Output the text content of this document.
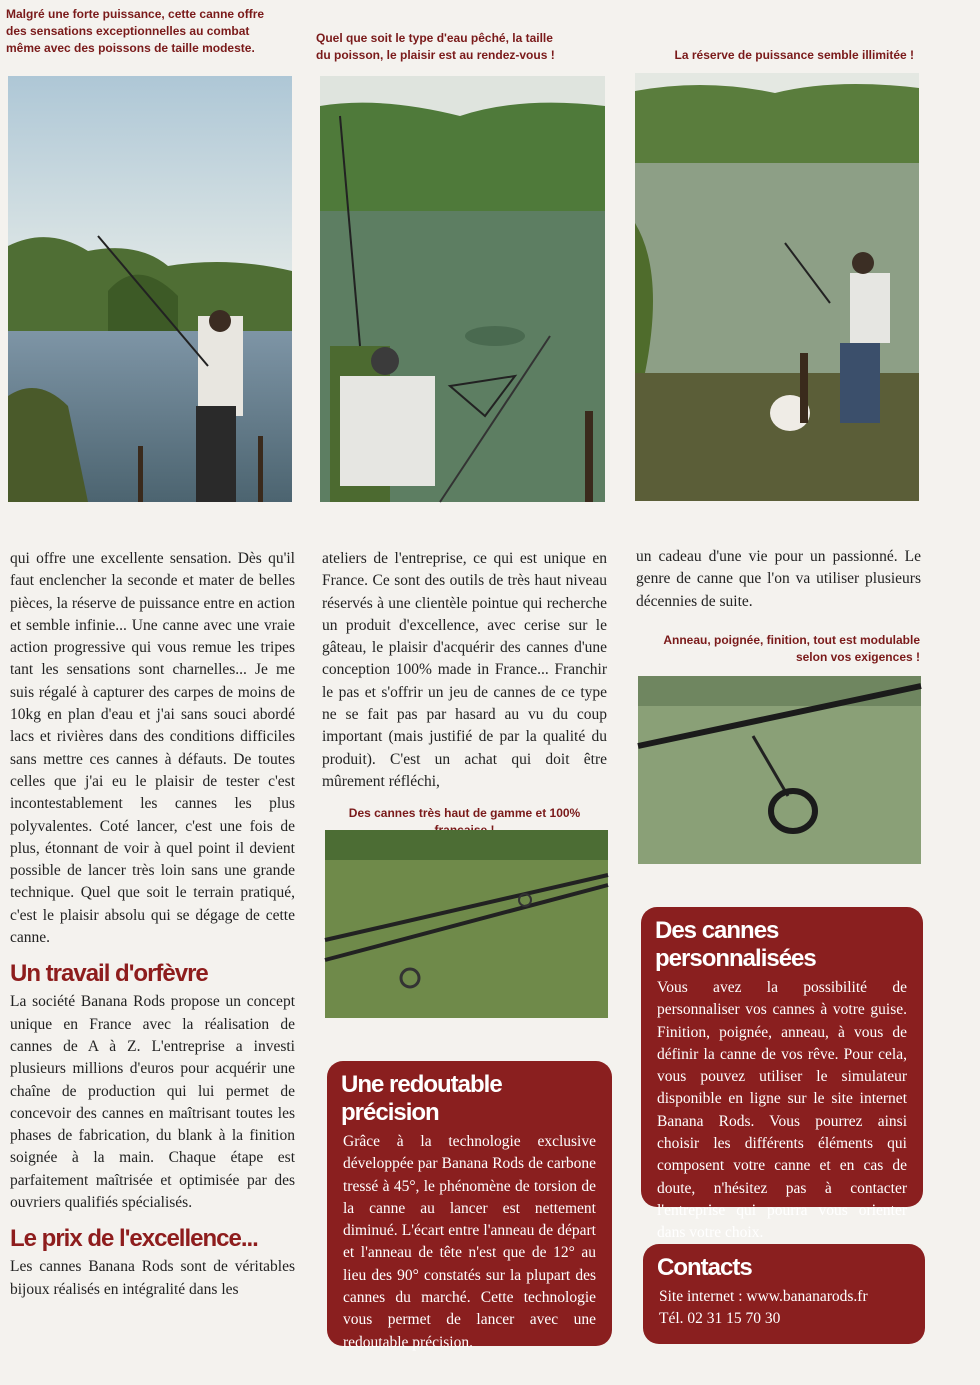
Malgré une forte puissance, cette canne offre des sensations exceptionnelles au combat même avec des poissons de taille modeste.
Quel que soit le type d'eau pêché, la taille du poisson, le plaisir est au rendez-vous !	La réserve de puissance semble illimitée !

qui offre une excellente sensation. Dès qu'il faut enclencher la seconde et mater de belles pièces, la réserve de puissance entre en action et semble infinie... Une canne avec une vraie action progressive qui vous remue les tripes tant les sensations sont charnelles... Je me suis régalé à capturer des carpes de moins de 10kg en plan d'eau et j'ai sans souci abordé lacs et rivières dans des conditions difficiles sans mettre ces cannes à défauts. De toutes celles que j'ai eu le plaisir de tester c'est incontestablement les cannes les plus polyvalentes. Coté lancer, c'est une fois de plus, étonnant de voir à quel point il devient possible de lancer très loin sans une grande technique. Quel que soit le terrain pratiqué, c'est le plaisir absolu qui se dégage de cette canne.

Un travail d'orfèvre

La société Banana Rods propose un concept unique en France avec la réalisation de cannes de A à Z. L'entreprise a investi plusieurs millions d'euros pour acquérir une chaîne de production qui lui permet de concevoir des cannes en maîtrisant toutes les phases de fabrication, du blank à la finition soignée à la main. Chaque étape est parfaitement maîtrisée et optimisée par des ouvriers qualifiés spécialisés.

Le prix de l'excellence...

Les cannes Banana Rods sont de véritables bijoux réalisés en intégralité dans les

ateliers de l'entreprise, ce qui est unique en France. Ce sont des outils de très haut niveau réservés à une clientèle pointue qui recherche un produit d'excellence, avec cerise sur le gâteau, le plaisir d'acquérir des cannes d'une conception 100% made in France... Franchir le pas et s'offrir un jeu de cannes de ce type ne se fait pas par hasard au vu du coup important (mais justifié de par la qualité du produit). C'est un achat qui doit être mûrement réfléchi,

Des cannes très haut de gamme et 100%

un cadeau d'une vie pour un passionné. Le genre de canne que l'on va utiliser plusieurs décennies de suite.

Anneau, poignée, finition, tout est modulable selon vos exigences !
Des cannes personnalisées

Vous avez la possibilité de personnaliser vos cannes à votre guise. Finition, poignée, anneau, à vous de définir la canne de vos rêve. Pour cela, vous pouvez utiliser le simulateur disponible en ligne sur le site internet Banana Rods. Vous pourrez ainsi choisir les différents éléments qui composent votre canne et en cas de doute, n'hésitez pas à contacter l'entreprise qui pourra vous orienter dans votre choix.

Une redoutable précision

Grâce à la technologie exclusive développée par Banana Rods de carbone tressé à 45°, le phénomène de torsion de la canne au lancer est nettement diminué. L'écart entre l'anneau de départ et l'anneau de tête n'est que de 12° au lieu des 90° constatés sur la plupart des cannes du marché. Cette technologie vous permet de lancer avec une redoutable précision.

Contacts
Site internet : www.bananarods.fr
Tél. 02 31 15 70 30
